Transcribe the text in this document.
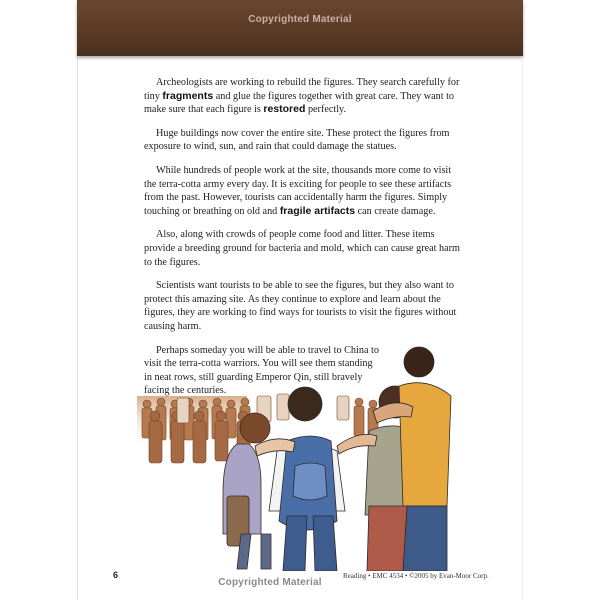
Copyrighted Material

Archeologists are working to rebuild the figures. They search carefully for tiny fragments and glue the figures together with great care. They want to make sure that each figure is restored perfectly.

Huge buildings now cover the entire site. These protect the figures from exposure to wind, sun, and rain that could damage the statues.

While hundreds of people work at the site, thousands more come to visit the terra-cotta army every day. It is exciting for people to see these artifacts from the past. However, tourists can accidentally harm the figures. Simply touching or breathing on old and fragile artifacts can create damage.

Also, along with crowds of people come food and litter. These items provide a breeding ground for bacteria and mold, which can cause great harm to the figures.

Scientists want tourists to be able to see the figures, but they also want to protect this amazing site. As they continue to explore and learn about the figures, they are working to find ways for tourists to visit the figures without causing harm.

Perhaps someday you will be able to travel to China to visit the terra-cotta warriors. You will see them standing in neat rows, still guarding Emperor Qin, still bravely facing the centuries.

6
Copyrighted Material
Reading • EMC 4534 • ©2005 by Evan-Moor Corp.
